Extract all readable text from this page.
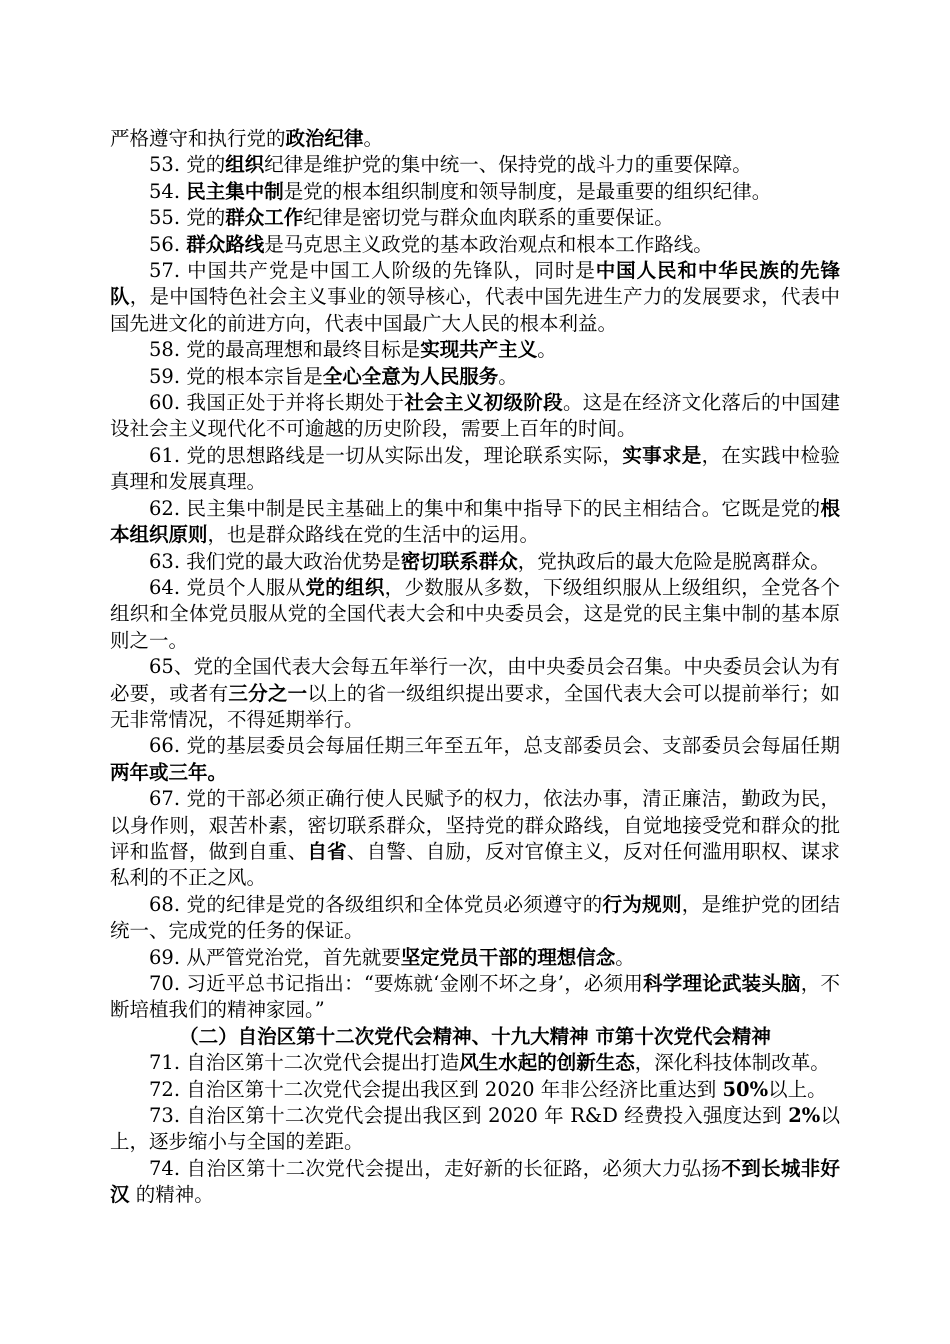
严格遵守和执行党的政治纪律。

53. 党的组织纪律是维护党的集中统一、保持党的战斗力的重要保障。

54. 民主集中制是党的根本组织制度和领导制度，是最重要的组织纪律。

55. 党的群众工作纪律是密切党与群众血肉联系的重要保证。

56. 群众路线是马克思主义政党的基本政治观点和根本工作路线。

57. 中国共产党是中国工人阶级的先锋队，同时是中国人民和中华民族的先锋队，是中国特色社会主义事业的领导核心，代表中国先进生产力的发展要求，代表中国先进文化的前进方向，代表中国最广大人民的根本利益。

58. 党的最高理想和最终目标是实现共产主义。

59. 党的根本宗旨是全心全意为人民服务。

60. 我国正处于并将长期处于社会主义初级阶段。这是在经济文化落后的中国建设社会主义现代化不可逾越的历史阶段，需要上百年的时间。

61. 党的思想路线是一切从实际出发，理论联系实际，实事求是，在实践中检验真理和发展真理。

62. 民主集中制是民主基础上的集中和集中指导下的民主相结合。它既是党的根本组织原则，也是群众路线在党的生活中的运用。

63. 我们党的最大政治优势是密切联系群众，党执政后的最大危险是脱离群众。

64. 党员个人服从党的组织，少数服从多数，下级组织服从上级组织，全党各个组织和全体党员服从党的全国代表大会和中央委员会，这是党的民主集中制的基本原则之一。

65、党的全国代表大会每五年举行一次，由中央委员会召集。中央委员会认为有必要，或者有三分之一以上的省一级组织提出要求，全国代表大会可以提前举行；如无非常情况，不得延期举行。

66. 党的基层委员会每届任期三年至五年，总支部委员会、支部委员会每届任期两年或三年。

67. 党的干部必须正确行使人民赋予的权力，依法办事，清正廉洁，勤政为民，以身作则，艰苦朴素，密切联系群众，坚持党的群众路线，自觉地接受党和群众的批评和监督，做到自重、自省、自警、自励，反对官僚主义，反对任何滥用职权、谋求私利的不正之风。

68. 党的纪律是党的各级组织和全体党员必须遵守的行为规则，是维护党的团结统一、完成党的任务的保证。

69. 从严管党治党，首先就要坚定党员干部的理想信念。

70. 习近平总书记指出：“要炼就‘金刚不坏之身’，必须用科学理论武装头脑，不断培植我们的精神家园。”

（二）自治区第十二次党代会精神、十九大精神 市第十次党代会精神

71. 自治区第十二次党代会提出打造风生水起的创新生态，深化科技体制改革。

72. 自治区第十二次党代会提出我区到 2020 年非公经济比重达到 50%以上。

73. 自治区第十二次党代会提出我区到 2020 年 R&D 经费投入强度达到 2%以上，逐步缩小与全国的差距。

74. 自治区第十二次党代会提出，走好新的长征路，必须大力弘扬不到长城非好汉 的精神。
